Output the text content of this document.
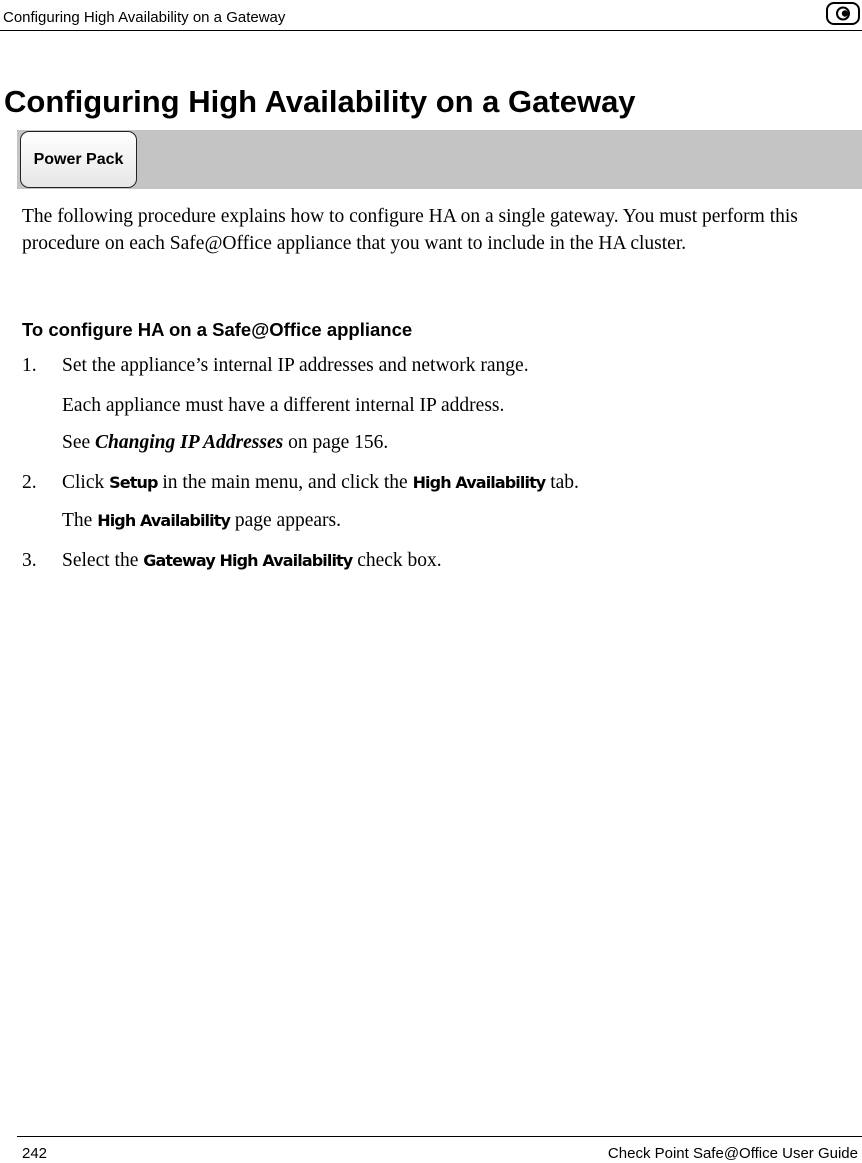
Configuring High Availability on a Gateway
Configuring High Availability on a Gateway
Power Pack

The following procedure explains how to configure HA on a single gateway. You must perform this procedure on each Safe@Office appliance that you want to include in the HA cluster.

To configure HA on a Safe@Office appliance
1. Set the appliance’s internal IP addresses and network range.
Each appliance must have a different internal IP address.
See Changing IP Addresses on page 156.
2. Click Setup in the main menu, and click the High Availability tab.
The High Availability page appears.
3. Select the Gateway High Availability check box.
242	Check Point Safe@Office User Guide
